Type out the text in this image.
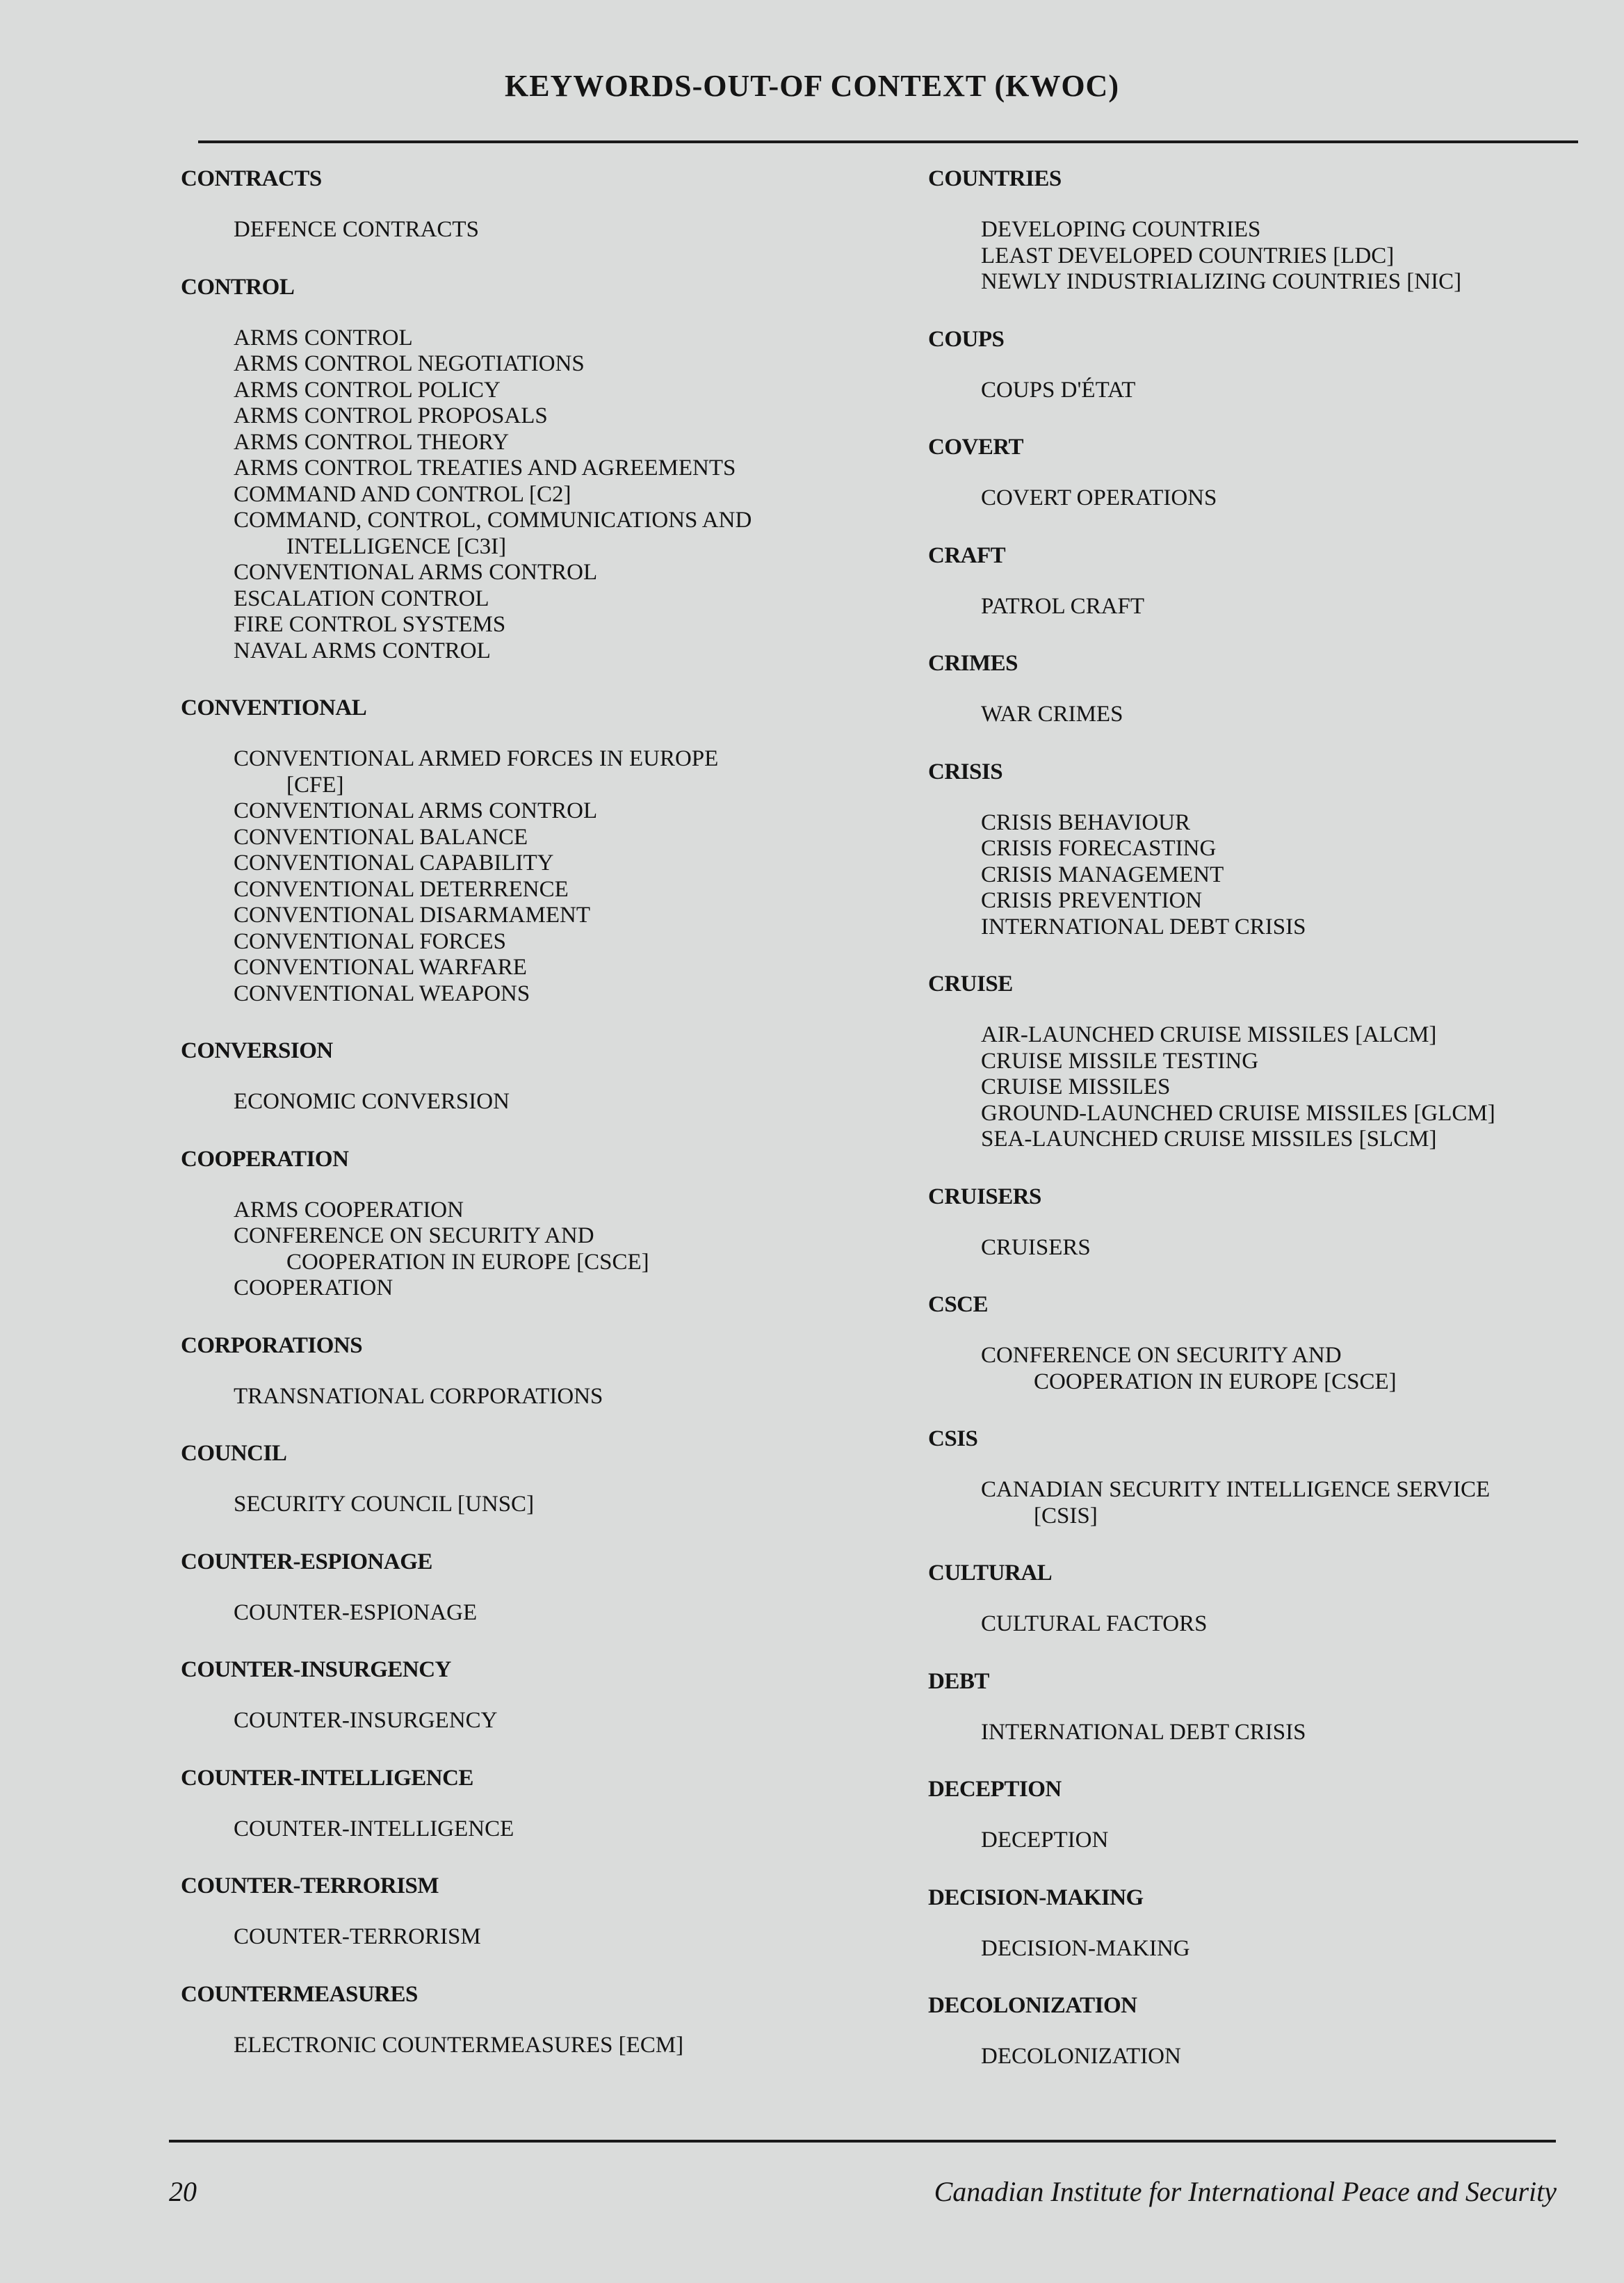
KEYWORDS-OUT-OF CONTEXT (KWOC)
CONTRACTS
DEFENCE CONTRACTS
CONTROL
ARMS CONTROL
ARMS CONTROL NEGOTIATIONS
ARMS CONTROL POLICY
ARMS CONTROL PROPOSALS
ARMS CONTROL THEORY
ARMS CONTROL TREATIES AND AGREEMENTS
COMMAND AND CONTROL [C2]
COMMAND, CONTROL, COMMUNICATIONS AND
INTELLIGENCE [C3I]
CONVENTIONAL ARMS CONTROL
ESCALATION CONTROL
FIRE CONTROL SYSTEMS
NAVAL ARMS CONTROL
CONVENTIONAL
CONVENTIONAL ARMED FORCES IN EUROPE
[CFE]
CONVENTIONAL ARMS CONTROL
CONVENTIONAL BALANCE
CONVENTIONAL CAPABILITY
CONVENTIONAL DETERRENCE
CONVENTIONAL DISARMAMENT
CONVENTIONAL FORCES
CONVENTIONAL WARFARE
CONVENTIONAL WEAPONS
CONVERSION
ECONOMIC CONVERSION
COOPERATION
ARMS COOPERATION
CONFERENCE ON SECURITY AND
COOPERATION IN EUROPE [CSCE]
COOPERATION
CORPORATIONS
TRANSNATIONAL CORPORATIONS
COUNCIL
SECURITY COUNCIL [UNSC]
COUNTER-ESPIONAGE
COUNTER-ESPIONAGE
COUNTER-INSURGENCY
COUNTER-INSURGENCY
COUNTER-INTELLIGENCE
COUNTER-INTELLIGENCE
COUNTER-TERRORISM
COUNTER-TERRORISM
COUNTERMEASURES
ELECTRONIC COUNTERMEASURES [ECM]
COUNTRIES
DEVELOPING COUNTRIES
LEAST DEVELOPED COUNTRIES [LDC]
NEWLY INDUSTRIALIZING COUNTRIES [NIC]
COUPS
COUPS D'ÉTAT
COVERT
COVERT OPERATIONS
CRAFT
PATROL CRAFT
CRIMES
WAR CRIMES
CRISIS
CRISIS BEHAVIOUR
CRISIS FORECASTING
CRISIS MANAGEMENT
CRISIS PREVENTION
INTERNATIONAL DEBT CRISIS
CRUISE
AIR-LAUNCHED CRUISE MISSILES [ALCM]
CRUISE MISSILE TESTING
CRUISE MISSILES
GROUND-LAUNCHED CRUISE MISSILES [GLCM]
SEA-LAUNCHED CRUISE MISSILES [SLCM]
CRUISERS
CRUISERS
CSCE
CONFERENCE ON SECURITY AND
COOPERATION IN EUROPE [CSCE]
CSIS
CANADIAN SECURITY INTELLIGENCE SERVICE
[CSIS]
CULTURAL
CULTURAL FACTORS
DEBT
INTERNATIONAL DEBT CRISIS
DECEPTION
DECEPTION
DECISION-MAKING
DECISION-MAKING
DECOLONIZATION
DECOLONIZATION
20	Canadian Institute for International Peace and Security
